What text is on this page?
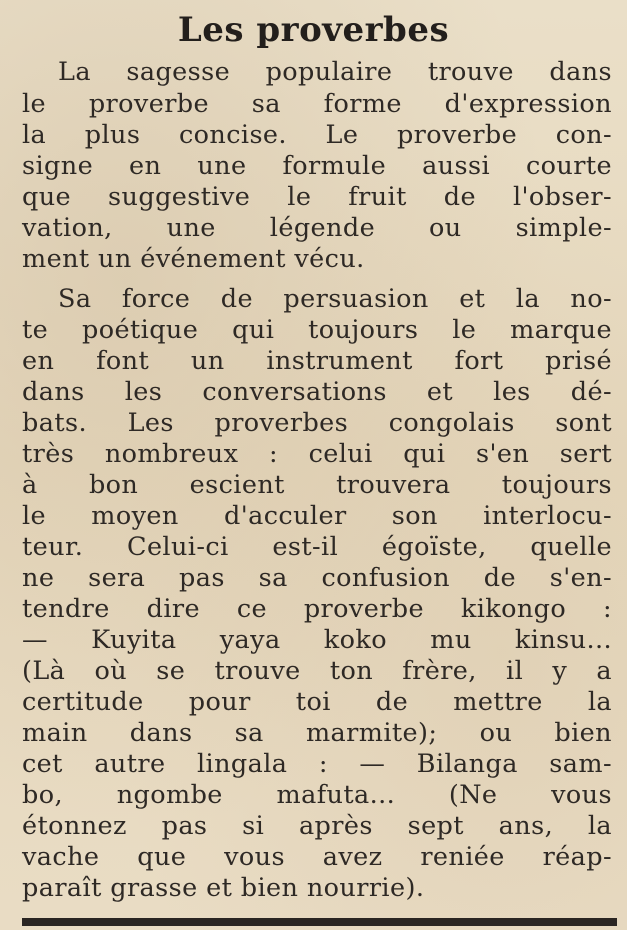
Les proverbes
La sagesse populaire trouve dans
le proverbe sa forme d'expression
la plus concise. Le proverbe con-
signe en une formule aussi courte
que suggestive le fruit de l'obser-
vation, une légende ou simple-
ment un événement vécu.
Sa force de persuasion et la no-
te poétique qui toujours le marque
en font un instrument fort prisé
dans les conversations et les dé-
bats. Les proverbes congolais sont
très nombreux : celui qui s'en sert
à bon escient trouvera toujours
le moyen d'acculer son interlocu-
teur. Celui-ci est-il égoïste, quelle
ne sera pas sa confusion de s'en-
tendre dire ce proverbe kikongo :
— Kuyita yaya koko mu kinsu...
(Là où se trouve ton frère, il y a
certitude pour toi de mettre la
main dans sa marmite); ou bien
cet autre lingala : — Bilanga sam-
bo, ngombe mafuta... (Ne vous
étonnez pas si après sept ans, la
vache que vous avez reniée réap-
paraît grasse et bien nourrie).
